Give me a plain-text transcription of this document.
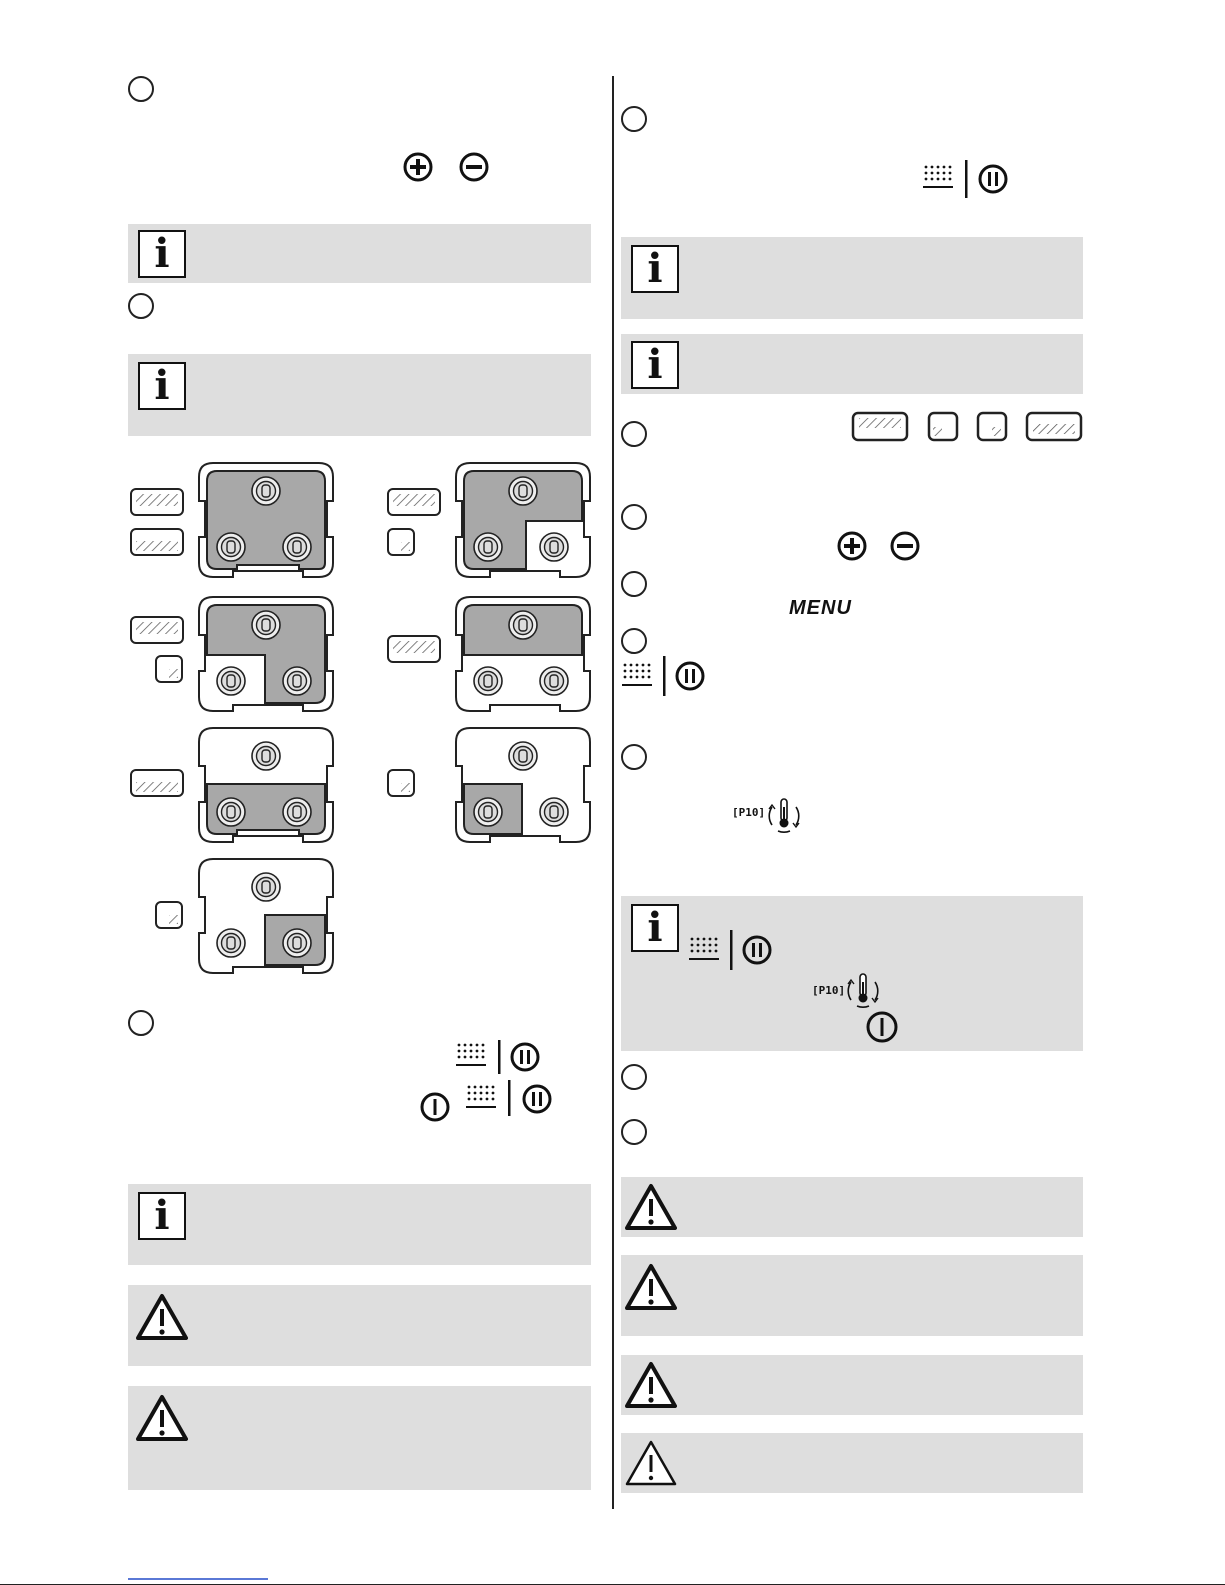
i
i
i
i
i
MENU
[P10]
i
[P10]
